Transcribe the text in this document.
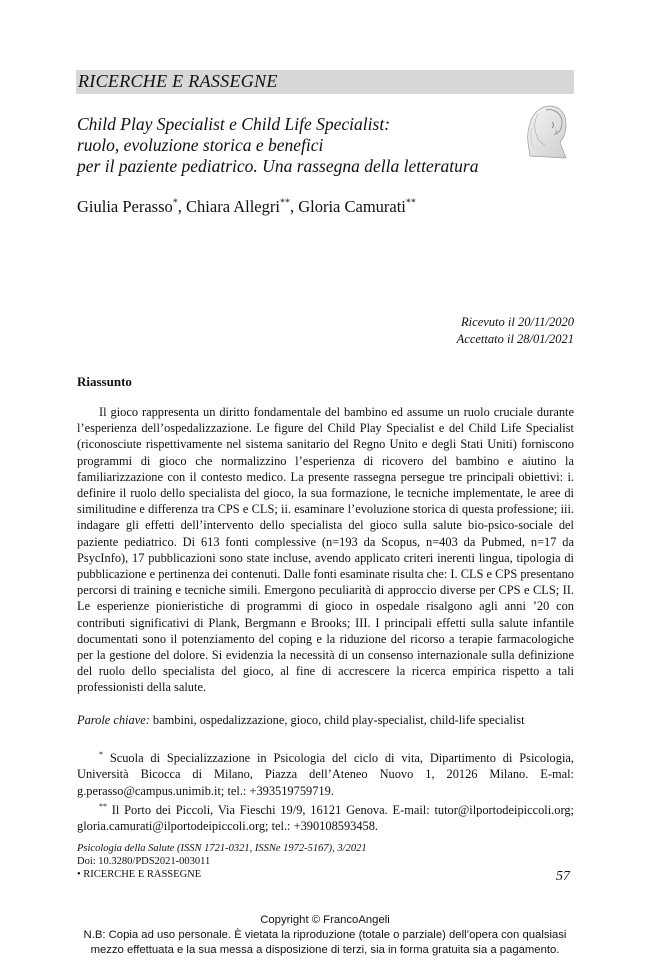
RICERCHE E RASSEGNE
Child Play Specialist e Child Life Specialist:
ruolo, evoluzione storica e benefici
per il paziente pediatrico. Una rassegna della letteratura
Giulia Perasso*, Chiara Allegri**, Gloria Camurati**
Ricevuto il 20/11/2020
Accettato il 28/01/2021
Riassunto

Il gioco rappresenta un diritto fondamentale del bambino ed assume un ruolo cruciale durante l’esperienza dell’ospedalizzazione. Le figure del Child Play Specialist e del Child Life Specialist (riconosciute rispettivamente nel sistema sanitario del Regno Unito e degli Stati Uniti) forniscono programmi di gioco che normalizzino l’esperienza di ricovero del bambino e aiutino la familiarizzazione con il contesto medico. La presente rassegna persegue tre principali obiettivi: i. definire il ruolo dello specialista del gioco, la sua formazione, le tecniche implementate, le aree di similitudine e differenza tra CPS e CLS; ii. esaminare l’evoluzione storica di questa professione; iii. indagare gli effetti dell’intervento dello specialista del gioco sulla salute bio-psico-sociale del paziente pediatrico. Di 613 fonti complessive (n=193 da Scopus, n=403 da Pubmed, n=17 da PsycInfo), 17 pubblicazioni sono state incluse, avendo applicato criteri inerenti lingua, tipologia di pubblicazione e pertinenza dei contenuti. Dalle fonti esaminate risulta che: I. CLS e CPS presentano percorsi di training e tecniche simili. Emergono peculiarità di approccio diverse per CPS e CLS; II. Le esperienze pionieristiche di programmi di gioco in ospedale risalgono agli anni ’20 con contributi significativi di Plank, Bergmann e Brooks; III. I principali effetti sulla salute infantile documentati sono il potenziamento del coping e la riduzione del ricorso a terapie farmacologiche per la gestione del dolore. Si evidenzia la necessità di un consenso internazionale sulla definizione del ruolo dello specialista del gioco, al fine di accrescere la ricerca empirica rispetto a tali professionisti della salute.

Parole chiave: bambini, ospedalizzazione, gioco, child play-specialist, child-life specialist

* Scuola di Specializzazione in Psicologia del ciclo di vita, Dipartimento di Psicologia, Università Bicocca di Milano, Piazza dell’Ateneo Nuovo 1, 20126 Milano. E-mal: g.perasso@campus.unimib.it; tel.: +393519759719.

** Il Porto dei Piccoli, Via Fieschi 19/9, 16121 Genova. E-mail: tutor@ilportodeipiccoli.org; gloria.camurati@ilportodeipiccoli.org; tel.: +390108593458.

Psicologia della Salute (ISSN 1721-0321, ISSNe 1972-5167), 3/2021
Doi: 10.3280/PDS2021-003011
• RICERCHE E RASSEGNE	57
Copyright © FrancoAngeli
N.B: Copia ad uso personale. È vietata la riproduzione (totale o parziale) dell’opera con qualsiasi
mezzo effettuata e la sua messa a disposizione di terzi, sia in forma gratuita sia a pagamento.
